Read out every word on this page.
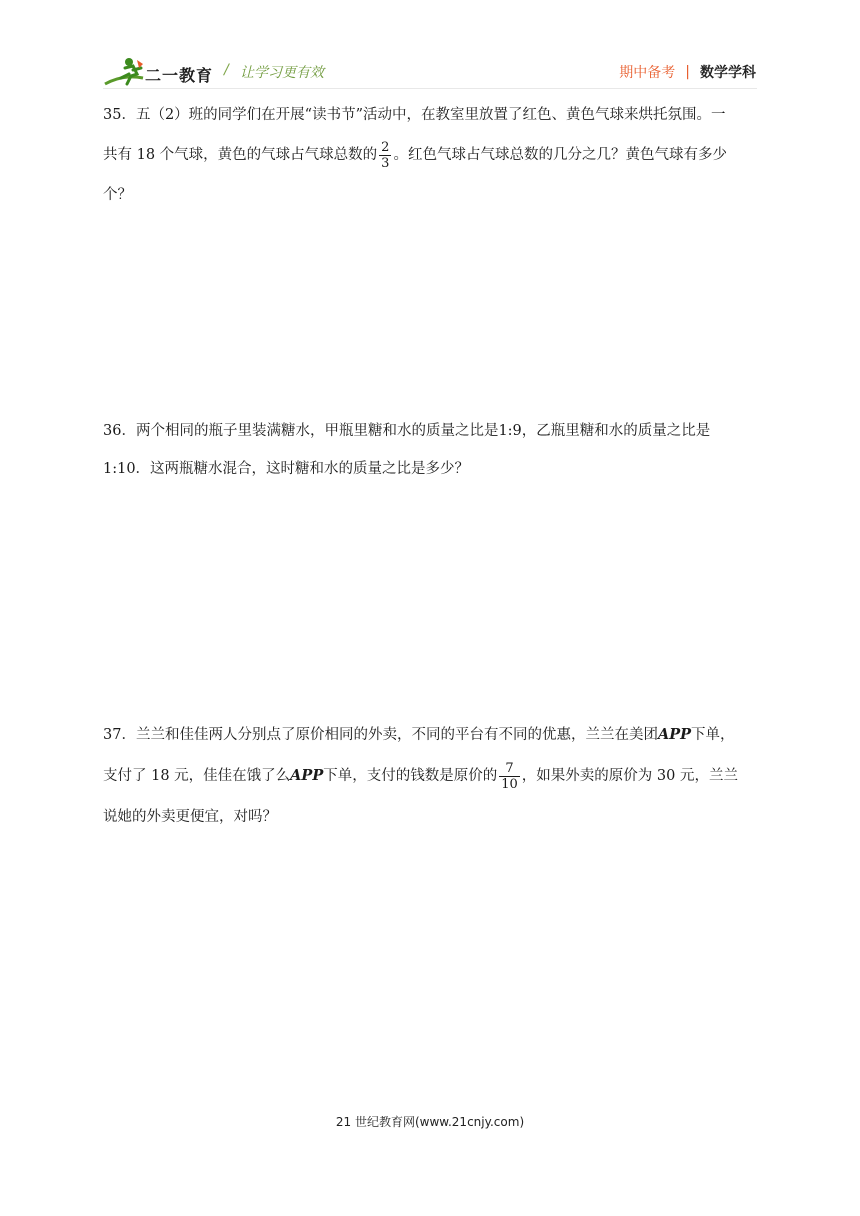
二一教育 / 让学习更有效	期中备考 | 数学学科

35．五（2）班的同学们在开展“读书节”活动中，在教室里放置了红色、黄色气球来烘托氛围。一

共有 18 个气球，黄色的气球占气球总数的 $\frac{2}{3}$ 。红色气球占气球总数的几分之几？黄色气球有多少

个？

36．两个相同的瓶子里装满糖水，甲瓶里糖和水的质量之比是1:9，乙瓶里糖和水的质量之比是

1:10．这两瓶糖水混合，这时糖和水的质量之比是多少？

37．兰兰和佳佳两人分别点了原价相同的外卖，不同的平台有不同的优惠，兰兰在美团APP下单，

支付了 18 元，佳佳在饿了么APP下单，支付的钱数是原价的 $\frac{7}{10}$ ，如果外卖的原价为 30 元，兰兰

说她的外卖更便宜，对吗？

21 世纪教育网(www.21cnjy.com)
